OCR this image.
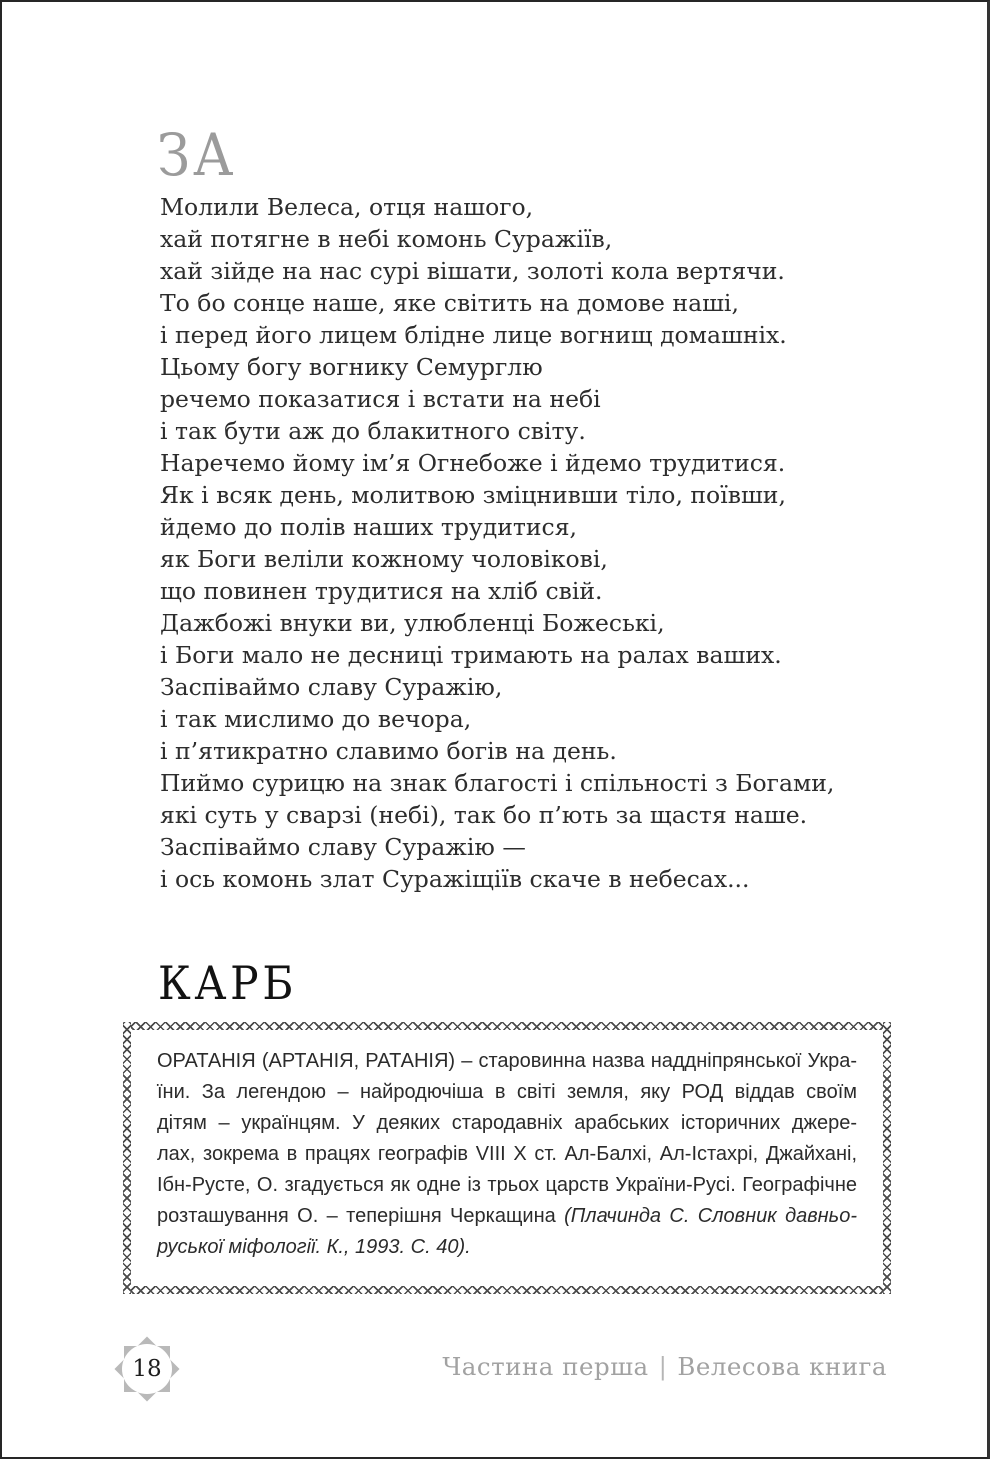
ЗА
Молили Велеса, отця нашого,
хай потягне в небі комонь Суражіїв,
хай зійде на нас сурі вішати, золоті кола вертячи.
То бо сонце наше, яке світить на домове наші,
і перед його лицем блідне лице вогнищ домашніх.
Цьому богу вогнику Семурглю
речемо показатися і встати на небі
і так бути аж до блакитного світу.
Наречемо йому ім’я Огнебоже і йдемо трудитися.
Як і всяк день, молитвою зміцнивши тіло, поївши,
йдемо до полів наших трудитися,
як Боги веліли кожному чоловікові,
що повинен трудитися на хліб свій.
Дажбожі внуки ви, улюбленці Божеські,
і Боги мало не десниці тримають на ралах ваших.
Заспіваймо славу Суражію,
і так мислимо до вечора,
і п’ятикратно славимо богів на день.
Пиймо сурицю на знак благості і спільності з Богами,
які суть у сварзі (небі), так бо п’ють за щастя наше.
Заспіваймо славу Суражію —
і ось комонь злат Суражіщіїв скаче в небесах...
КАРБ
ОРАТАНІЯ (АРТАНІЯ, РАТАНІЯ) – старовинна назва наддніпрянської Укра-
їни. За легендою – найродючіша в світі земля, яку РОД віддав своїм
дітям – українцям. У деяких стародавніх арабських історичних джере-
лах, зокрема в працях географів VIII X ст. Ал-Балхі, Ал-Істахрі, Джайхані,
Ібн-Русте, О. згадується як одне із трьох царств України-Русі. Географічне
розташування О. – теперішня Черкащина (Плачинда С. Словник давньо-
руської міфології. К., 1993. С. 40).
18	Частина перша | Велесова книга
